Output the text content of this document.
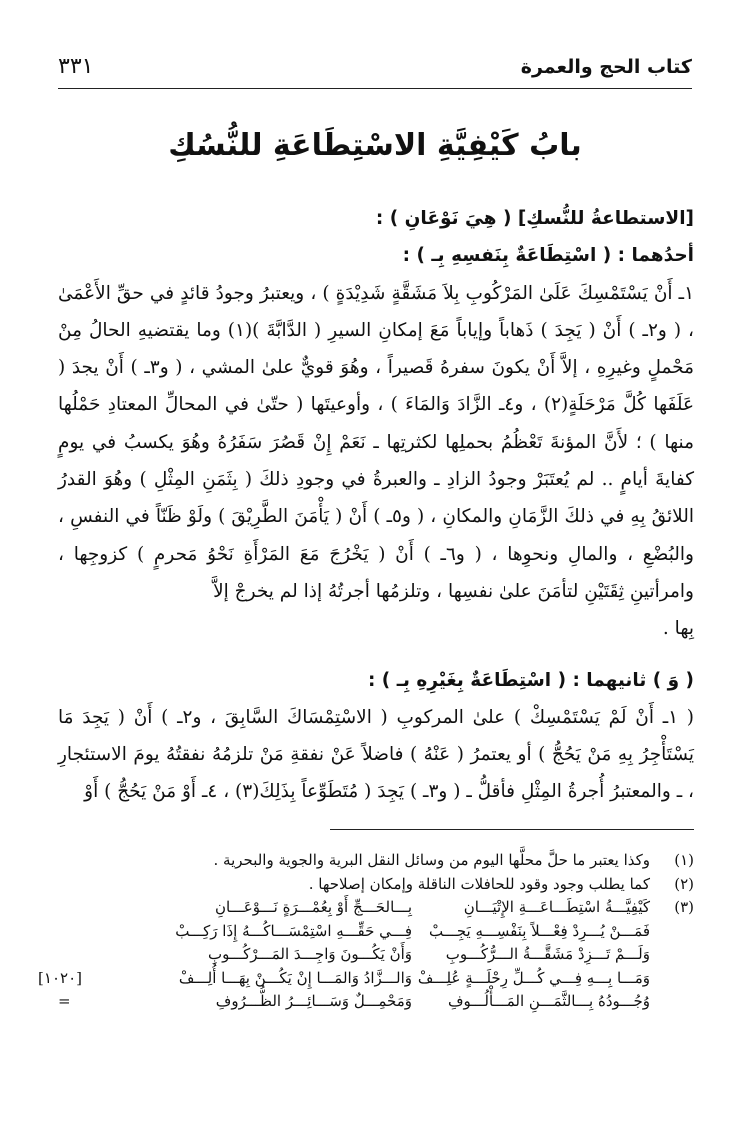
كتاب الحج والعمرة
٣٣١
بابُ كَيْفِيَّةِ الاسْتِطَاعَةِ للنُّسُكِ

[الاستطاعةُ للنُّسكِ] ( هِيَ نَوْعَانِ ) :

أحدُهما : ( اسْتِطَاعَةٌ بِنَفسِهِ بِـ ) :

١ـ أَنْ يَسْتَمْسِكَ عَلَىٰ المَرْكُوبِ بِلاَ مَشَقَّةٍ شَدِيْدَةٍ ) ، ويعتبرُ وجودُ قائدٍ في حقِّ الأَعْمَىٰ ، ( و٢ـ ) أَنْ ( يَجِدَ ) ذَهاباً وإياباً مَعَ إمكانِ السيرِ ( الدَّابَّةَ )(١) وما يقتضيهِ الحالُ مِنْ مَحْملٍ وغيرِهِ ، إلاَّ أَنْ يكونَ سفرهُ قَصيراً ، وهُوَ قويٌّ علىٰ المشي ، ( و٣ـ ) أَنْ يجدَ ( عَلَفَها كُلَّ مَرْحَلَةٍ(٢) ، و٤ـ الزَّادَ وَالمَاءَ ) ، وأوعيتَها ( حتّىٰ في المحالِّ المعتادِ حَمْلُها منها ) ؛ لأَنَّ المؤنةَ تَعْظُمُ بحملِها لكثرتِها ـ نَعَمْ إِنْ قَصُرَ سَفَرُهُ وهُوَ يكسبُ في يومٍ كفايةَ أيامٍ .. لم يُعتَبَرْ وجودُ الزادِ ـ والعبرةُ في وجودِ ذلكَ ( بِثَمَنِ المِثْلِ ) وهُوَ القدرُ اللائقُ بِهِ في ذلكَ الزَّمَانِ والمكانِ ، ( و٥ـ ) أَنْ ( يَأْمَنَ الطَّرِيْقَ ) ولَوْ ظَنّاً في النفسِ ، والبُضْعِ ، والمالِ ونحوِها ، ( و٦ـ ) أَنْ ( يَخْرُجَ مَعَ المَرْأَةِ نَحْوُ مَحرمٍ ) كزوجِها ، وامرأتينِ ثِقَتَيْنِ لتأمَنَ علىٰ نفسِها ، وتلزمُها أجرتُهُ إذا لم يخرجْ إلاَّ

بِها .

( وَ ) ثانيهما : ( اسْتِطَاعَةٌ بِغَيْرِهِ بِـ ) :

( ١ـ أَنْ لَمْ يَسْتَمْسِكْ ) علىٰ المركوبِ ( الاسْتِمْسَاكَ السَّابِقَ ، و٢ـ ) أَنْ ( يَجِدَ مَا يَسْتَأْجِرُ بِهِ مَنْ يَحُجُّ ) أو يعتمرُ ( عَنْهُ ) فاضلاً عَنْ نفقةِ مَنْ تلزمُهُ نفقتُهُ يومَ الاستئجارِ ، ـ والمعتبرُ أُجرةُ المِثْلِ فأقلُّ ـ ( و٣ـ ) يَجِدَ ( مُتَطَوِّعاً بِذَلِكَ(٣) ، ٤ـ أَوْ مَنْ يَحُجُّ ) أَوْ

(١)
وكذا يعتبر ما حلَّ محلَّها اليوم من وسائل النقل البرية والجوية والبحرية .
(٢)
كما يطلب وجود وقود للحافلات الناقلة وإمكان إصلاحها .
(٣)
كَيْفِيَّـــةُ اسْتِطَـــاعَـــةِ الإِتْيَـــانِ
بِـــالحَـــجِّ أَوْ بِعُمْـــرَةٍ نَـــوْعَـــانِ
فَمَـــنْ يُـــرِدْ فِعْـــلاً بِنَفْسِـــهِ يَجِـــبْ
فِـــي حَقِّـــهِ اسْتِمْسَـــاكُـــهُ إِذَا رَكِـــبْ
وَلَـــمْ تَـــزِدْ مَشَقَّـــةُ الـــرُّكُـــوبِ
وَأَنْ يَكُـــونَ وَاجِـــدَ المَـــرْكُـــوبِ
وَمَـــا بِـــهِ فِـــي كُـــلِّ رِحْلَـــةٍ عُلِـــفْ
وَالـــزَّادُ وَالمَـــا إِنْ يَكُـــنْ بِهَـــا أُلِـــفْ
[١٠٢٠]
وُجُـــودُهُ بِـــالثَّمَـــنِ المَـــأْلُـــوفِ
وَمَحْمِـــلٌ وَسَـــائِـــرُ الظُّـــرُوفِ
=
